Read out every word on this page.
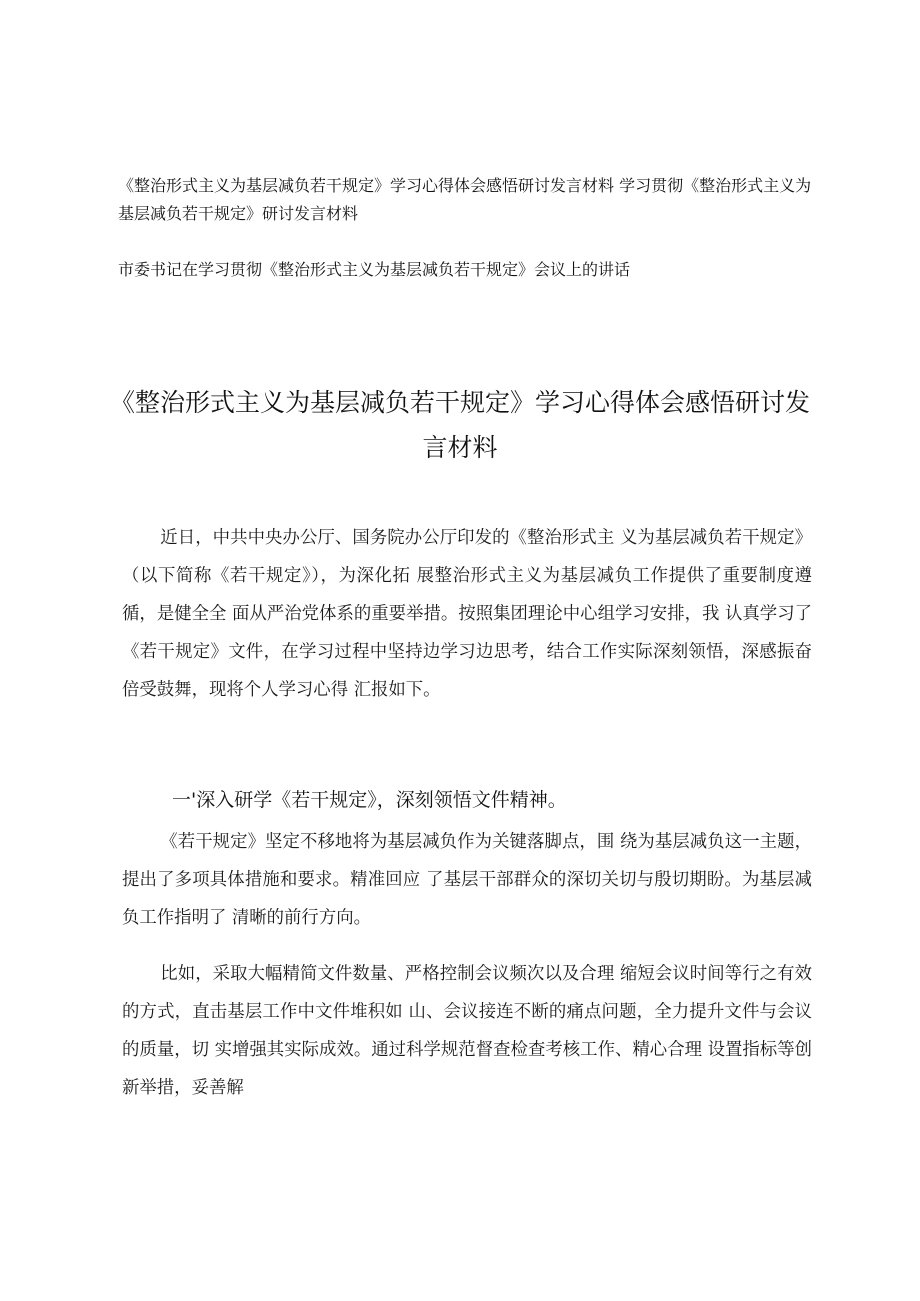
《整治形式主义为基层减负若干规定》学习心得体会感悟研讨发言材料 学习贯彻《整治形式主义为基层减负若干规定》研讨发言材料
市委书记在学习贯彻《整治形式主义为基层减负若干规定》会议上的讲话
《整治形式主义为基层减负若干规定》学习心得体会感悟研讨发言材料

近日，中共中央办公厅、国务院办公厅印发的《整治形式主 义为基层减负若干规定》（以下简称《若干规定》），为深化拓 展整治形式主义为基层减负工作提供了重要制度遵循，是健全全 面从严治党体系的重要举措。按照集团理论中心组学习安排，我 认真学习了《若干规定》文件，在学习过程中坚持边学习边思考，结合工作实际深刻领悟，深感振奋倍受鼓舞，现将个人学习心得 汇报如下。

一'深入研学《若干规定》，深刻领悟文件精神。

《若干规定》坚定不移地将为基层减负作为关键落脚点，围 绕为基层减负这一主题，提出了多项具体措施和要求。精准回应 了基层干部群众的深切关切与殷切期盼。为基层减负工作指明了 清晰的前行方向。

比如，采取大幅精简文件数量、严格控制会议频次以及合理 缩短会议时间等行之有效的方式，直击基层工作中文件堆积如 山、会议接连不断的痛点问题，全力提升文件与会议的质量，切 实增强其实际成效。通过科学规范督查检查考核工作、精心合理 设置指标等创新举措，妥善解
